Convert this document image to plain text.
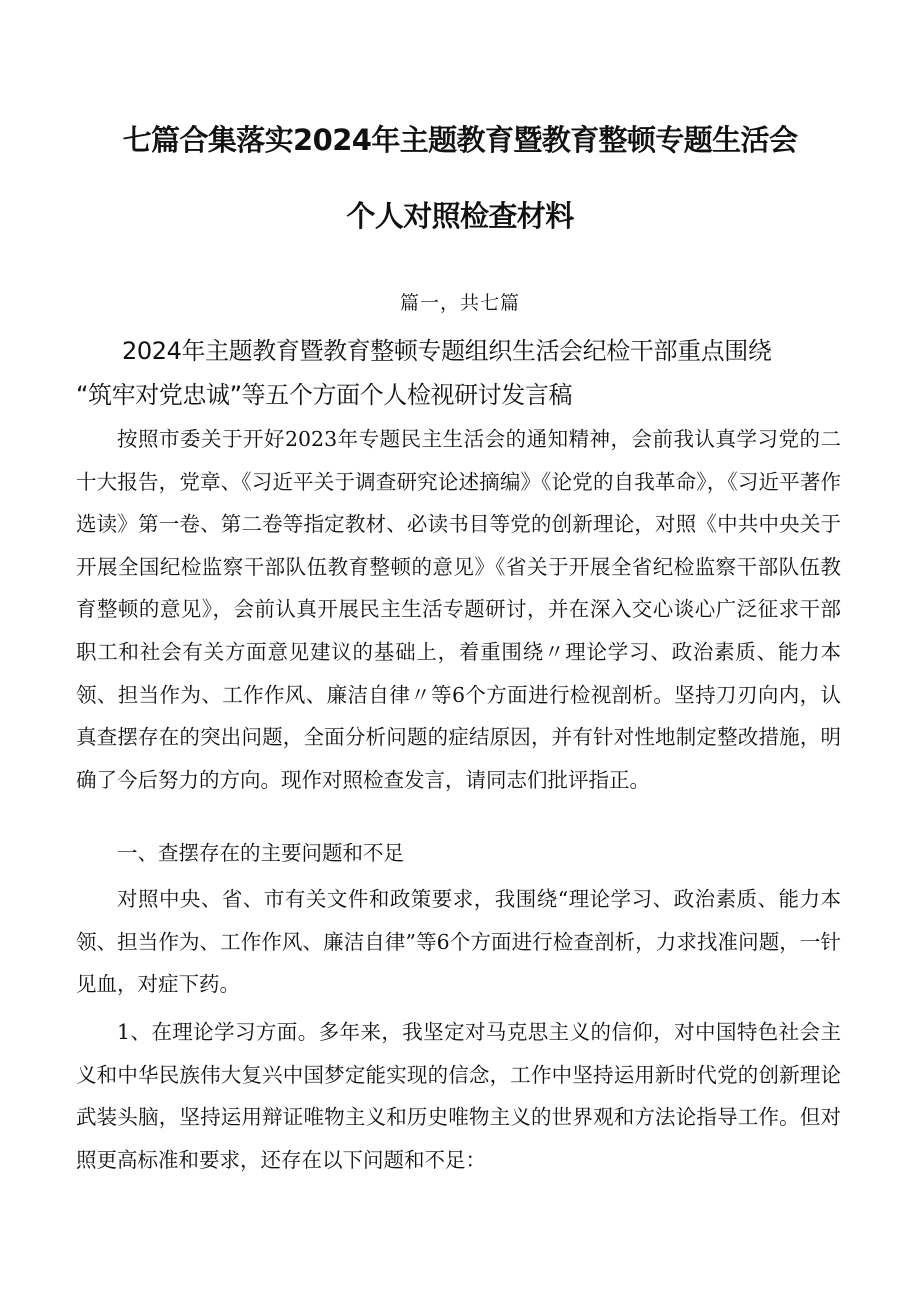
七篇合集落实2024年主题教育暨教育整顿专题生活会
个人对照检查材料

篇一，共七篇

2024年主题教育暨教育整顿专题组织生活会纪检干部重点围绕
“筑牢对党忠诚”等五个方面个人检视研讨发言稿

按照市委关于开好2023年专题民主生活会的通知精神，会前我认真学习党的二十大报告，党章、《习近平关于调查研究论述摘编》《论党的自我革命》，《习近平著作选读》第一卷、第二卷等指定教材、必读书目等党的创新理论，对照《中共中央关于开展全国纪检监察干部队伍教育整顿的意见》《省关于开展全省纪检监察干部队伍教育整顿的意见》，会前认真开展民主生活专题研讨，并在深入交心谈心广泛征求干部职工和社会有关方面意见建议的基础上，着重围绕〃理论学习、政治素质、能力本领、担当作为、工作作风、廉洁自律〃等6个方面进行检视剖析。坚持刀刃向内，认真查摆存在的突出问题，全面分析问题的症结原因，并有针对性地制定整改措施，明确了今后努力的方向。现作对照检查发言，请同志们批评指正。

一、查摆存在的主要问题和不足

对照中央、省、市有关文件和政策要求，我围绕“理论学习、政治素质、能力本领、担当作为、工作作风、廉洁自律”等6个方面进行检查剖析，力求找准问题，一针见血，对症下药。

1、在理论学习方面。多年来，我坚定对马克思主义的信仰，对中国特色社会主义和中华民族伟大复兴中国梦定能实现的信念，工作中坚持运用新时代党的创新理论武装头脑，坚持运用辩证唯物主义和历史唯物主义的世界观和方法论指导工作。但对照更高标准和要求，还存在以下问题和不足：
